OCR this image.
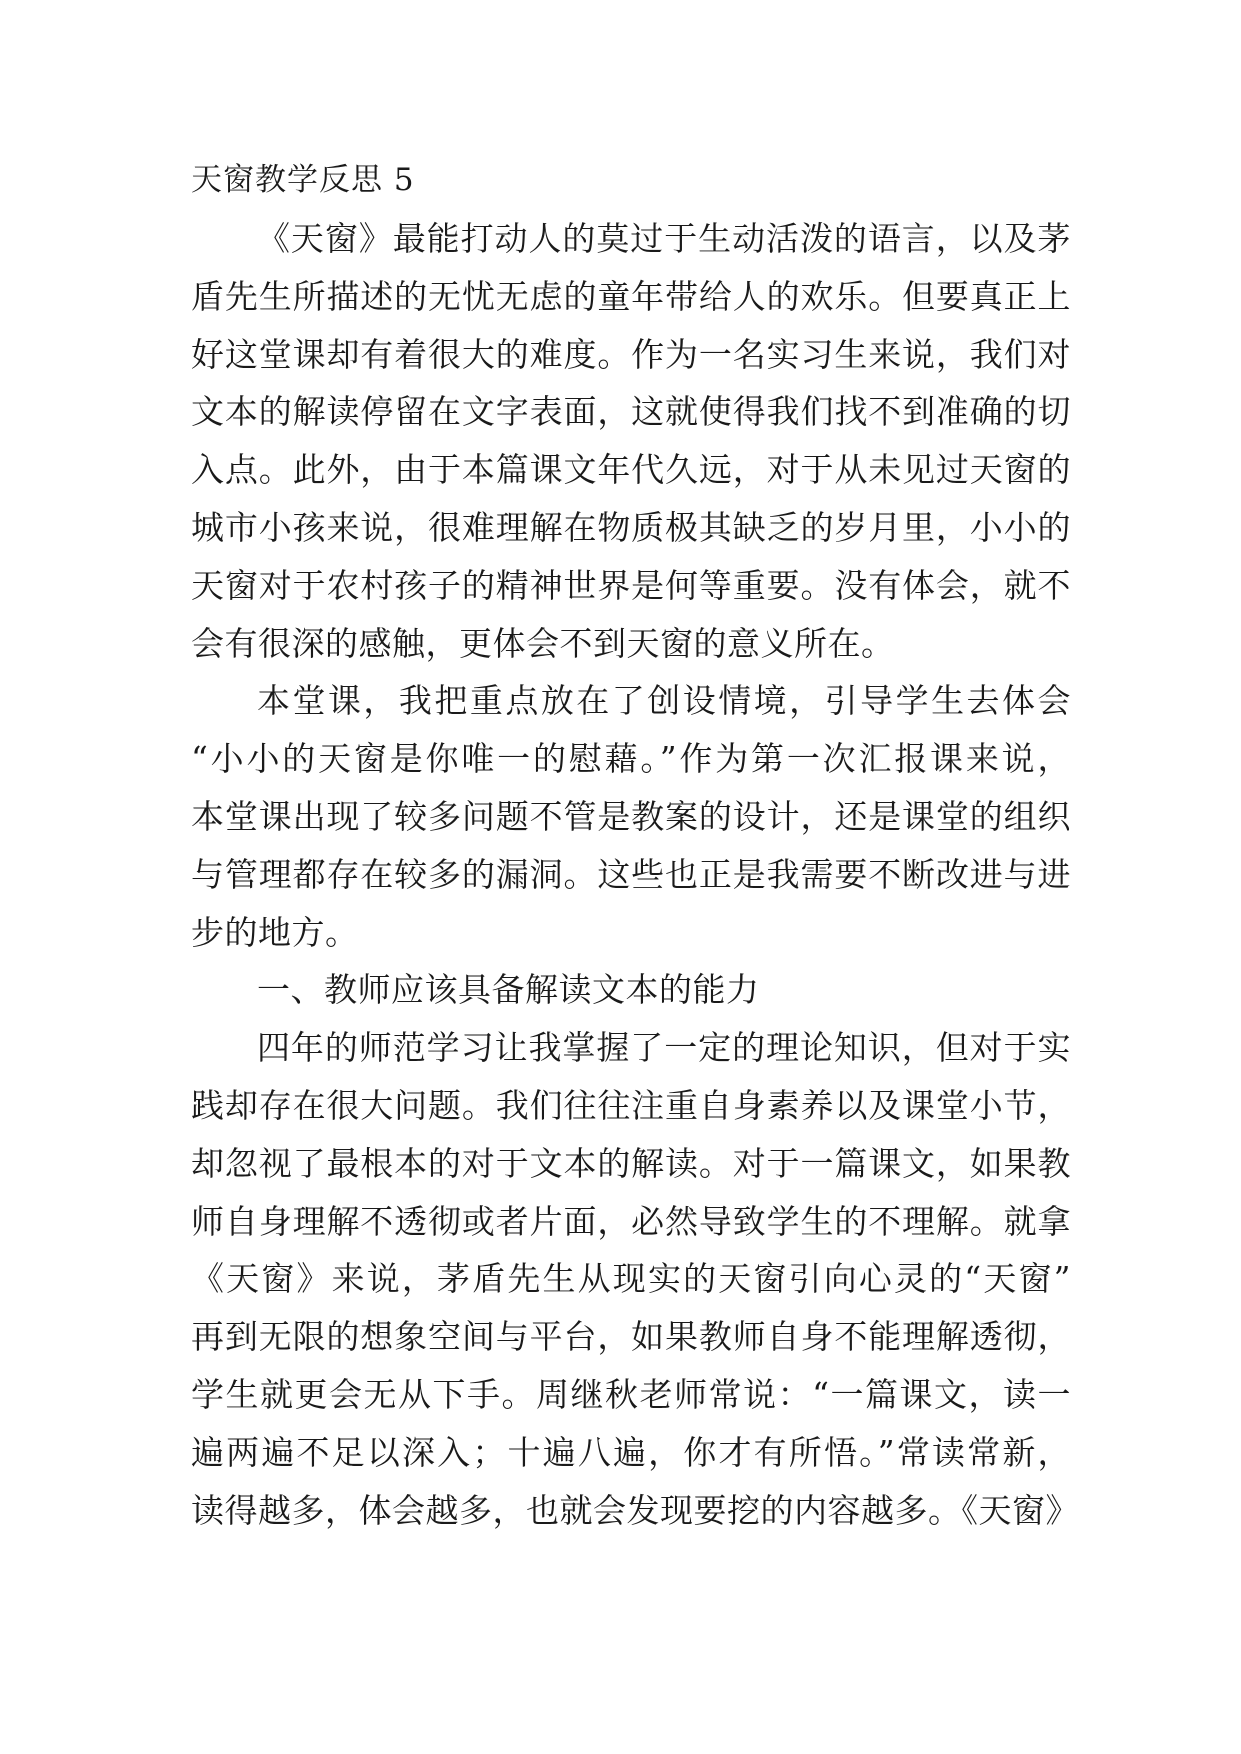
天窗教学反思 5
《天窗》最能打动人的莫过于生动活泼的语言，以及茅
盾先生所描述的无忧无虑的童年带给人的欢乐。但要真正上
好这堂课却有着很大的难度。作为一名实习生来说，我们对
文本的解读停留在文字表面，这就使得我们找不到准确的切
入点。此外，由于本篇课文年代久远，对于从未见过天窗的
城市小孩来说，很难理解在物质极其缺乏的岁月里，小小的
天窗对于农村孩子的精神世界是何等重要。没有体会，就不
会有很深的感触，更体会不到天窗的意义所在。
本堂课，我把重点放在了创设情境，引导学生去体会
“小小的天窗是你唯一的慰藉。”作为第一次汇报课来说，
本堂课出现了较多问题不管是教案的设计，还是课堂的组织
与管理都存在较多的漏洞。这些也正是我需要不断改进与进
步的地方。
一、教师应该具备解读文本的能力
四年的师范学习让我掌握了一定的理论知识，但对于实
践却存在很大问题。我们往往注重自身素养以及课堂小节，
却忽视了最根本的对于文本的解读。对于一篇课文，如果教
师自身理解不透彻或者片面，必然导致学生的不理解。就拿
《天窗》来说，茅盾先生从现实的天窗引向心灵的“天窗”
再到无限的想象空间与平台，如果教师自身不能理解透彻，
学生就更会无从下手。周继秋老师常说：“一篇课文，读一
遍两遍不足以深入；十遍八遍，你才有所悟。”常读常新，
读得越多，体会越多，也就会发现要挖的内容越多。《天窗》
